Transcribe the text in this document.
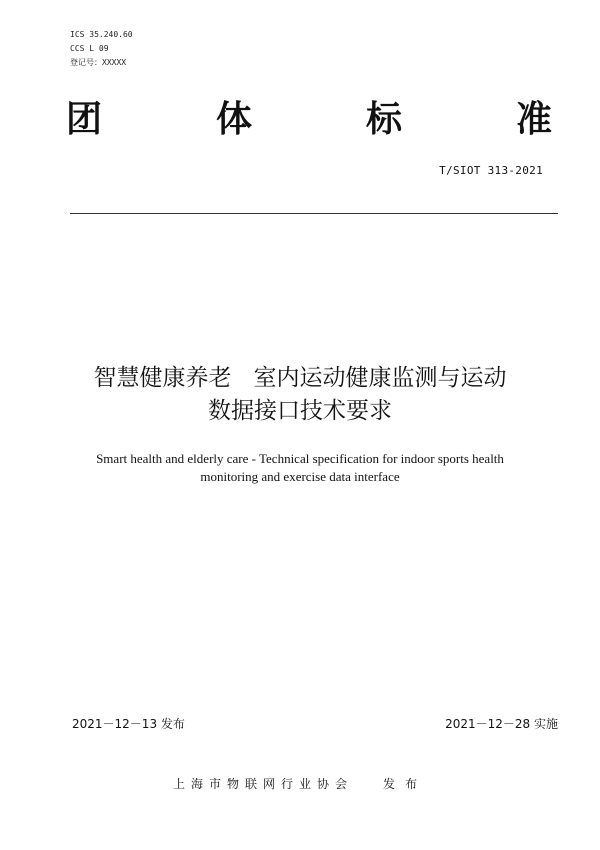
ICS 35.240.60
CCS L 09
登记号：XXXXX
团	体	标	准
T/SIOT 313-2021
智慧健康养老   室内运动健康监测与运动
数据接口技术要求
Smart health and elderly care - Technical specification for indoor sports health
monitoring and exercise data interface
2021－12－13 发布	2021－12－28 实施
上海市物联网行业协会	发布
